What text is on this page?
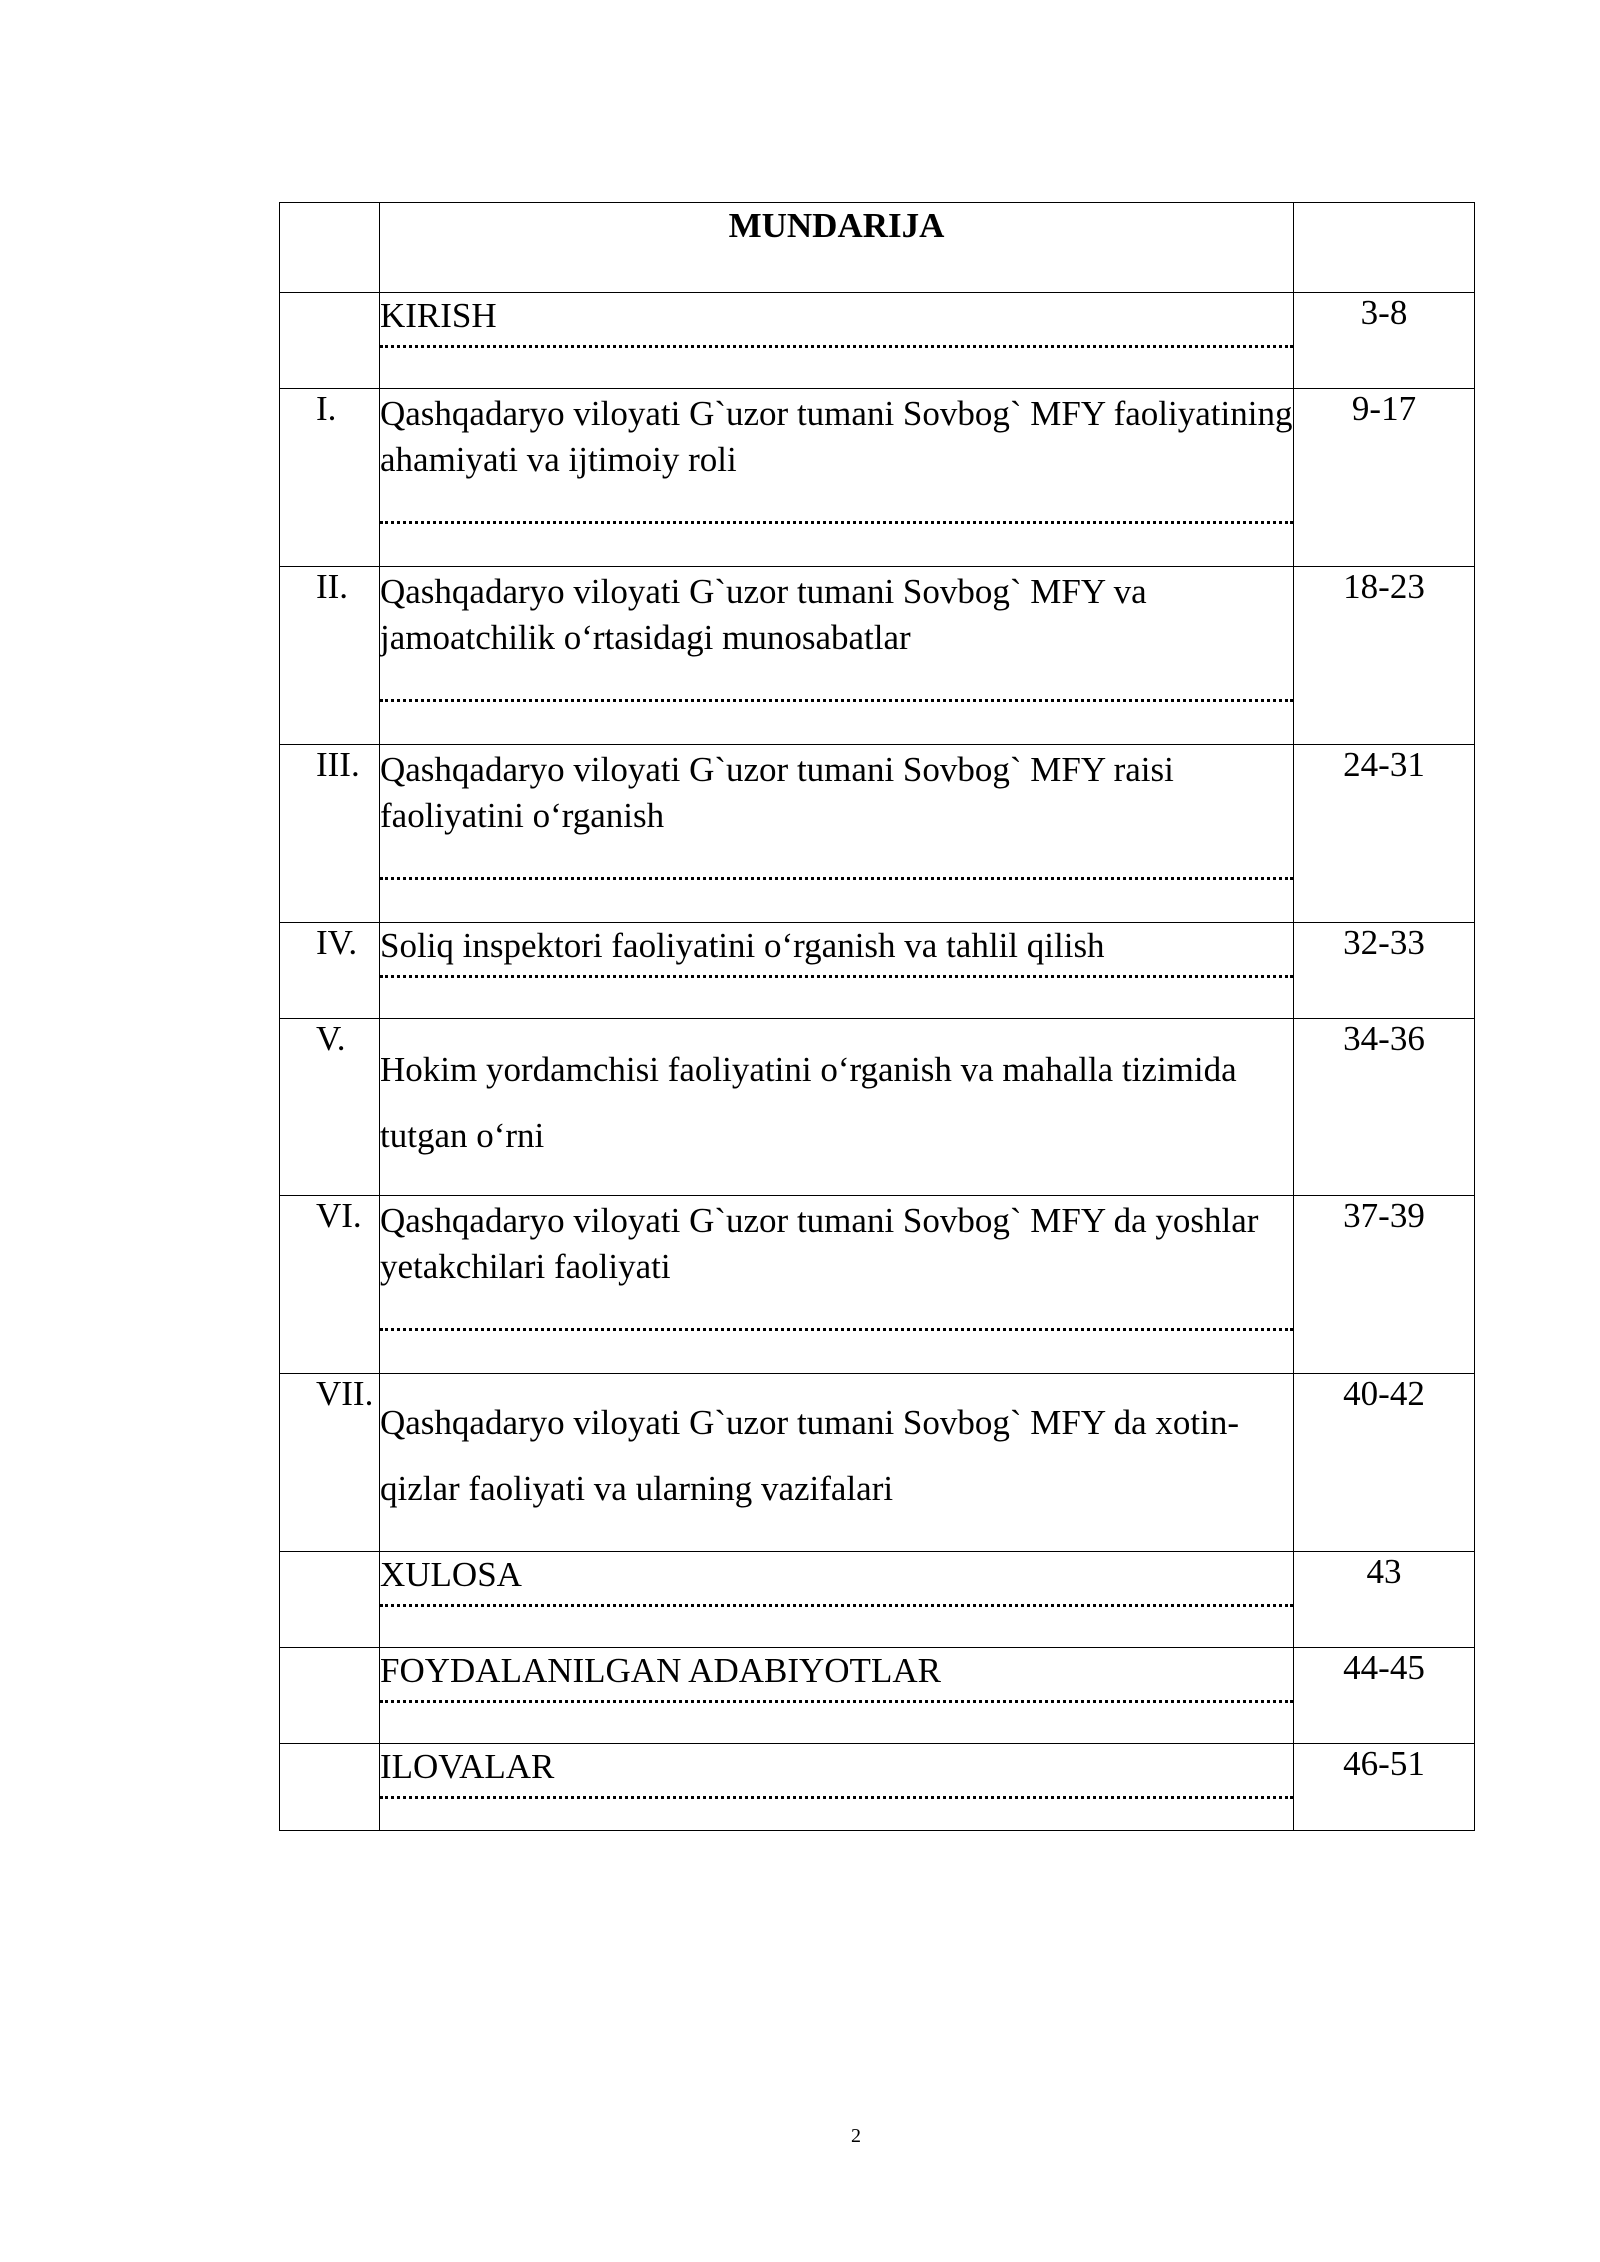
	MUNDARIJA	

	KIRISH	3-8

I.	Qashqadaryo viloyati G`uzor tumani Sovbog` MFY faoliyatining ahamiyati va ijtimoiy roli	9-17

II.	Qashqadaryo viloyati G`uzor tumani Sovbog` MFY va jamoatchilik o‘rtasidagi munosabatlar	18-23

III.	Qashqadaryo viloyati G`uzor tumani Sovbog` MFY raisi faoliyatini o‘rganish	24-31

IV.	Soliq inspektori faoliyatini o‘rganish va tahlil qilish	32-33

V.	Hokim yordamchisi faoliyatini o‘rganish va mahalla tizimida tutgan o‘rni	34-36

VI.	Qashqadaryo viloyati G`uzor tumani Sovbog` MFY da yoshlar yetakchilari faoliyati	37-39

VII.	Qashqadaryo viloyati G`uzor tumani Sovbog` MFY da xotin-qizlar faoliyati va ularning vazifalari	40-42

	XULOSA	43

	FOYDALANILGAN ADABIYOTLAR	44-45

	ILOVALAR	46-51
2
